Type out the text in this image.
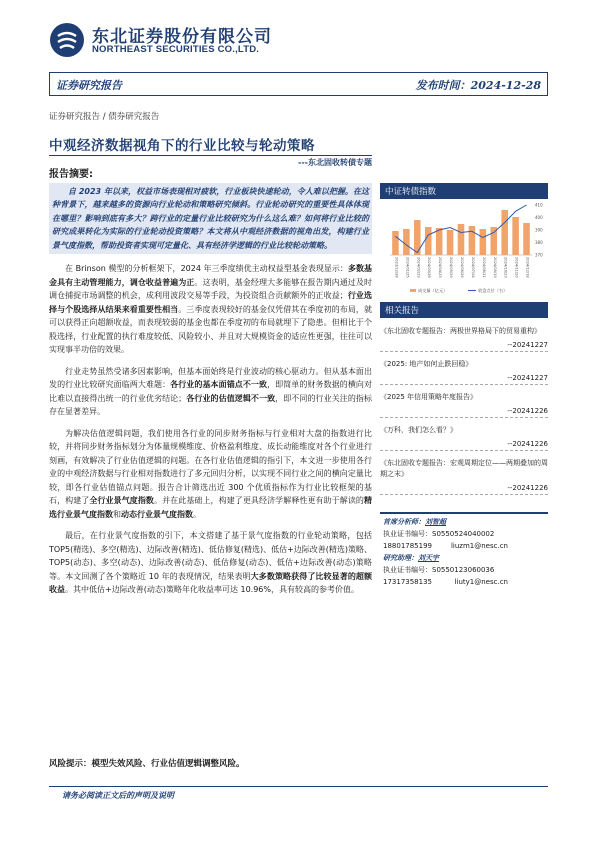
东北证券股份有限公司
NORTHEAST SECURITIES CO.,LTD.
证券研究报告	发布时间：2024-12-28
证券研究报告 / 债券研究报告
中观经济数据视角下的行业比较与轮动策略
---东北固收转债专题
报告摘要:
自 2023 年以来，权益市场表现相对疲软，行业板块快速轮动，令人难以把握。在这种背景下，越来越多的资源向行业轮动和策略研究倾斜。行业轮动研究的重要性具体体现在哪里？影响到底有多大？跨行业的定量行业比较研究为什么这么难？如何将行业比较的研究成果转化为实际的行业轮动投资策略？本文将从中观经济数据的视角出发，构建行业景气度指数，帮助投资者实现可定量化、具有经济学逻辑的行业比较轮动策略。
在 Brinson 模型的分析框架下，2024 年三季度绩优主动权益型基金表现显示：多数基金具有主动管理能力，调仓收益普遍为正。这表明，基金经理大多能够在报告期内通过及时调仓捕捉市场调整的机会，成利用波段交易等手段，为投资组合贡献额外的正收益；行业选择与个股选择从结果来看重要性相当。三季度表现较好的基金仅凭借其在季度初的布局，就可以获得正向超额收益，而表现较弱的基金也都在季度初的布局就埋下了隐患。但相比于个股选择，行业配置的执行难度较低、风险较小、并且对大规模资金的适应性更强，往往可以实现事半功倍的效果。
行业走势虽然受诸多因素影响，但基本面始终是行业波动的核心驱动力。但从基本面出发的行业比较研究面临两大难题：各行业的基本面锚点不一致，即简单的财务数据的横向对比难以直接得出统一的行业优劣结论；各行业的估值逻辑不一致，即不同的行业关注的指标存在显著差异。
为解决估值逻辑问题，我们使用各行业的同步财务指标与行业相对大盘的指数进行比较，并将同步财务指标划分为体量规模维度、价格盈利维度、成长动能维度对各个行业进行刻画，有效解决了行业估值逻辑的问题。在各行业估值逻辑的指引下，本文进一步使用各行业的中观经济数据与行业相对指数进行了多元回归分析，以实现不同行业之间的横向定量比较，即各行业估值锚点问题。报告合计筛选出近 300 个优质指标作为行业比较框架的基石，构建了全行业景气度指数。并在此基础上，构建了更具经济学解释性更有助于解读的精选行业景气度指数和动态行业景气度指数。
最后，在行业景气度指数的引下，本文搭建了基于景气度指数的行业轮动策略，包括 TOP5(精选)、多空(精选)、边际改善(精选)、低估修复(精选)、低估+边际改善(精选)策略、TOP5(动态)、多空(动态)、边际改善(动态)、低估修复(动态)、低估+边际改善(动态)策略等。本文回测了各个策略近 10 年的表现情况，结果表明大多数策略获得了比较显著的超额收益。其中低估+边际改善(动态)策略年化收益率可达 10.96%，具有较高的参考价值。
风险提示：模型失效风险、行业估值逻辑调整风险。
请务必阅读正文后的声明及说明
中证转债指数
2023/12/28 2024/01/25 2024/02/29 2024/03/28 2024/04/25 2024/05/29 2024/06/26 2024/07/24 2024/08/21 2024/09/19 2024/10/23 2024/11/20 2024/12/18
370
380
390
400
410
成交量（亿元）	收盘点位（右）
相关报告
《东北固收专题报告：两极世界格局下的贸易重构》
--20241227
《2025: 地产如何止跌回稳》
--20241227
《2025 年信用策略年度报告》
--20241226
《万科，我们怎么看？》
--20241226
《东北固收专题报告：宏观周期定位——两期叠加的周期之末》
--20241226
首席分析师：刘智超
执业证书编号：S0550524040002
18801785199	liuzm1@nesc.cn
研究助理：刘天宇
执业证书编号：S0550123060036
17317358135	liuty1@nesc.cn
